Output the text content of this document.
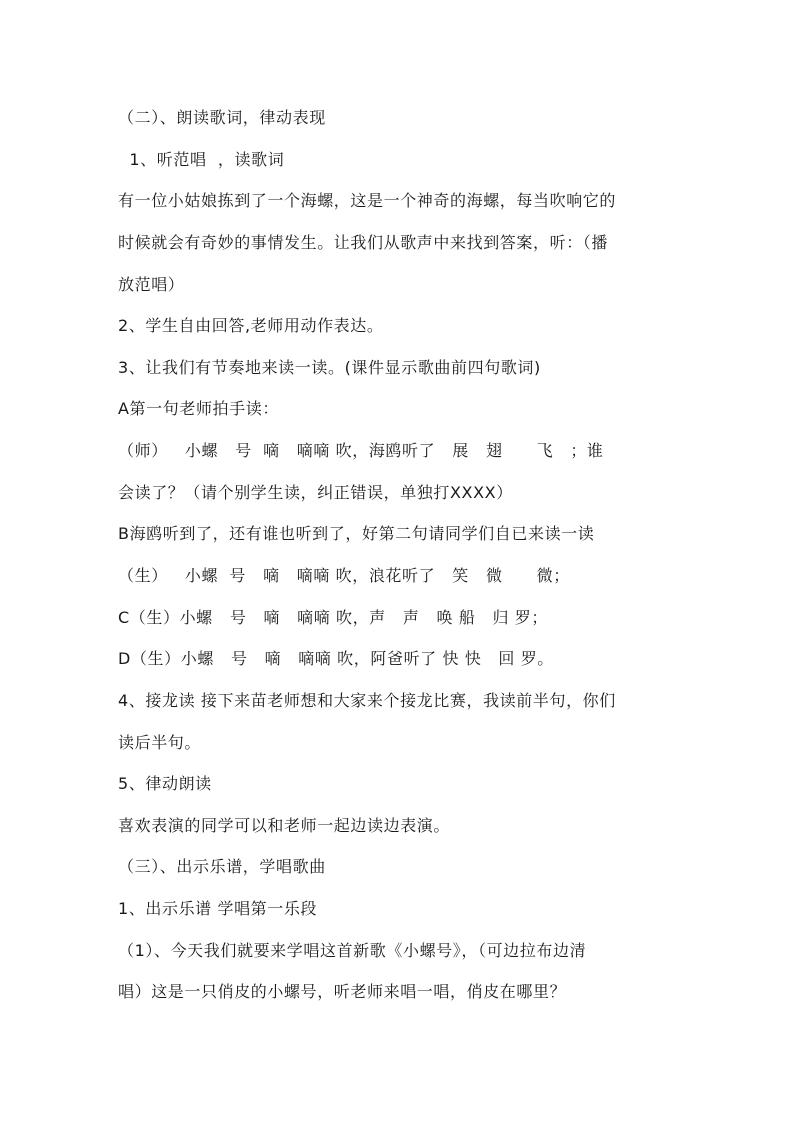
（二）、朗读歌词，律动表现
1、听范唱  ，读歌词
有一位小姑娘拣到了一个海螺，这是一个神奇的海螺，每当吹响它的
时候就会有奇妙的事情发生。让我们从歌声中来找到答案，听：（播
放范唱）
2、学生自由回答,老师用动作表达。
3、让我们有节奏地来读一读。(课件显示歌曲前四句歌词)
A第一句老师拍手读：
（师）   小螺   号  嘀   嘀嘀 吹，海鸥听了   展   翅      飞   ；谁
会读了？（请个别学生读，纠正错误，单独打XXXX）
B海鸥听到了，还有谁也听到了，好第二句请同学们自已来读一读
（生）   小螺  号   嘀   嘀嘀 吹，浪花听了   笑   微      微；
C（生）小螺   号   嘀   嘀嘀 吹，声   声   唤 船   归 罗；
D（生）小螺   号   嘀   嘀嘀 吹，阿爸听了 快 快   回 罗。
4、接龙读 接下来苗老师想和大家来个接龙比赛，我读前半句，你们
读后半句。
5、律动朗读
喜欢表演的同学可以和老师一起边读边表演。
（三）、出示乐谱，学唱歌曲
1、出示乐谱 学唱第一乐段
（1）、今天我们就要来学唱这首新歌《小螺号》，（可边拉布边清
唱）这是一只俏皮的小螺号，听老师来唱一唱，俏皮在哪里？
